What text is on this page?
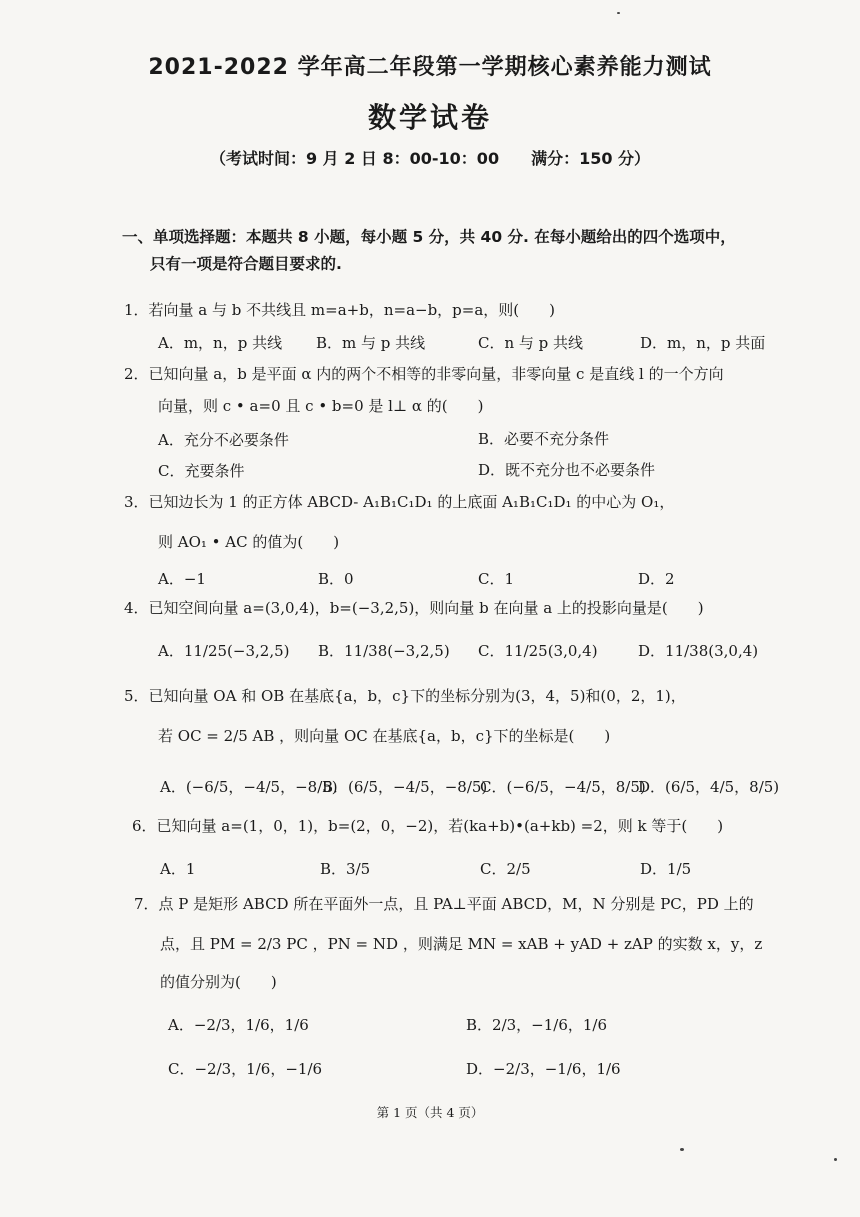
2021-2022 学年高二年段第一学期核心素养能力测试
数学试卷
（考试时间：9 月 2 日 8：00-10：00　　满分：150 分）
一、单项选择题：本题共 8 小题，每小题 5 分，共 40 分. 在每小题给出的四个选项中，
只有一项是符合题目要求的.
1．若向量 a 与 b 不共线且 m=a+b，n=a−b，p=a，则(　　)
A．m，n，p 共线 B．m 与 p 共线	C．n 与 p 共线	D．m，n，p 共面
2．已知向量 a，b 是平面 α 内的两个不相等的非零向量，非零向量 c 是直线 l 的一个方向
向量，则 c • a=0 且 c • b=0 是 l⊥ α 的(　　)
A．充分不必要条件	B．必要不充分条件
C．充要条件	D．既不充分也不必要条件
3．已知边长为 1 的正方体 ABCD- A₁B₁C₁D₁ 的上底面 A₁B₁C₁D₁ 的中心为 O₁，
则 AO₁ • AC 的值为(　　)
A．−1	B．0	C．1	D．2
4．已知空间向量 a=(3,0,4)，b=(−3,2,5)，则向量 b 在向量 a 上的投影向量是(　　)
A．11/25(−3,2,5) B．11/38(−3,2,5) C．11/25(3,0,4)	D．11/38(3,0,4)
5．已知向量 OA 和 OB 在基底{a，b，c}下的坐标分别为(3，4，5)和(0，2，1)，
若 OC = 2/5 AB ，则向量 OC 在基底{a，b，c}下的坐标是(　　)
A．(−6/5，−4/5，−8/5)
B．(6/5，−4/5，−8/5)
C．(−6/5，−4/5，8/5)
D．(6/5，4/5，8/5)
6．已知向量 a=(1，0，1)，b=(2，0，−2)，若(ka+b)•(a+kb) =2，则 k 等于(　　)
A．1	B．3/5	C．2/5	D．1/5
7．点 P 是矩形 ABCD 所在平面外一点，且 PA⊥平面 ABCD，M，N 分别是 PC，PD 上的
点，且 PM = 2/3 PC ，PN = ND ，则满足 MN = xAB + yAD + zAP 的实数 x，y，z
的值分别为(　　)
A．−2/3，1/6，1/6	B．2/3，−1/6，1/6
C．−2/3，1/6，−1/6	D．−2/3，−1/6，1/6
第 1 页（共 4 页）
